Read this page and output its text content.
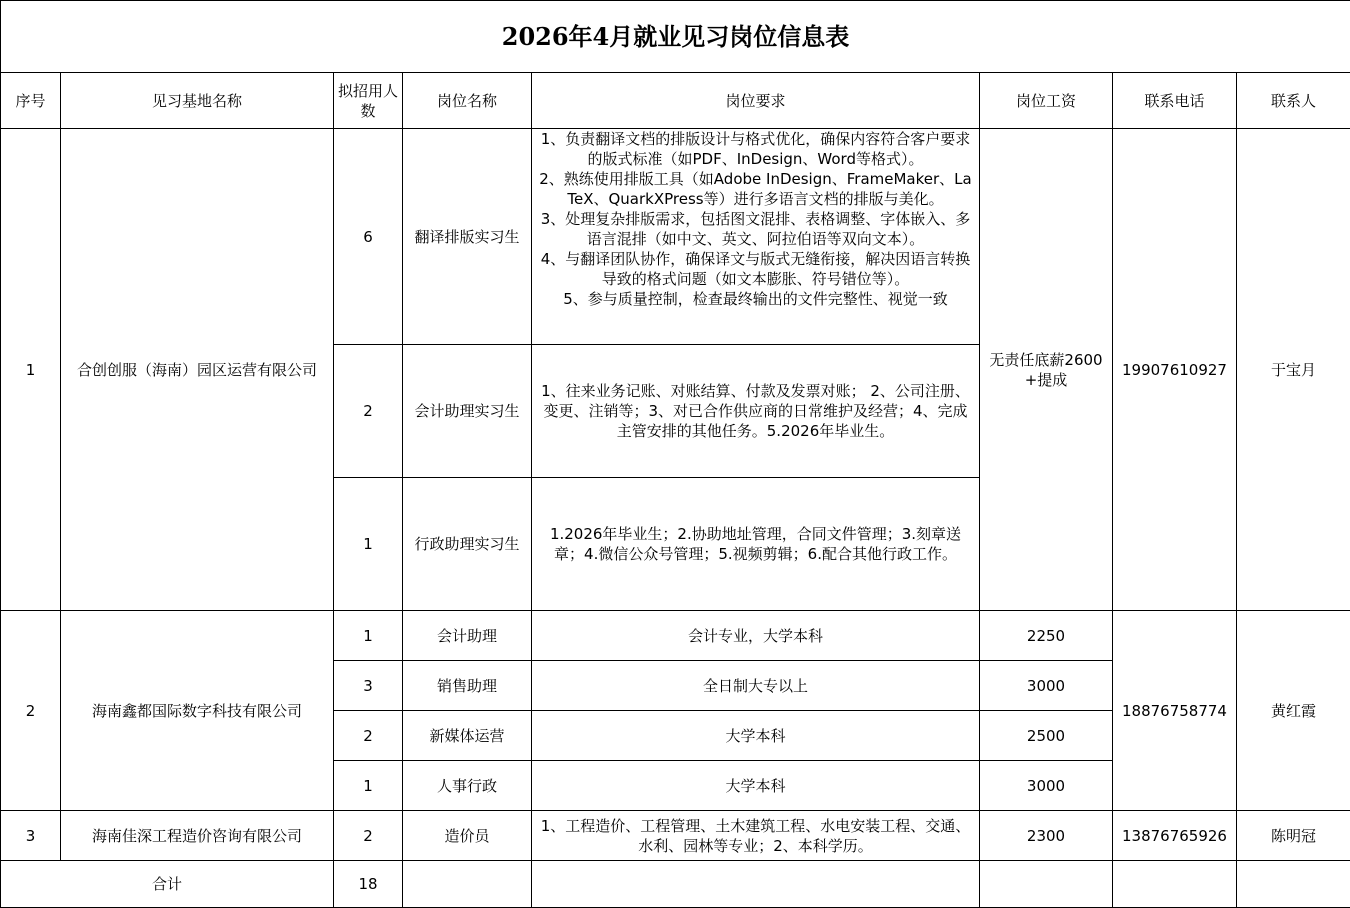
2026年4月就业见习岗位信息表							
序号	见习基地名称	拟招用人数	岗位名称	岗位要求	岗位工资	联系电话	联系人
1	合创创服（海南）园区运营有限公司	6	翻译排版实习生	1、负责翻译文档的排版设计与格式优化，确保内容符合客户要求的版式标准（如PDF、InDesign、Word等格式）。
2、熟练使用排版工具（如Adobe InDesign、FrameMaker、LaTeX、QuarkXPress等）进行多语言文档的排版与美化。
3、处理复杂排版需求，包括图文混排、表格调整、字体嵌入、多语言混排（如中文、英文、阿拉伯语等双向文本）。
4、与翻译团队协作，确保译文与版式无缝衔接，解决因语言转换导致的格式问题（如文本膨胀、符号错位等）。
5、参与质量控制，检查最终输出的文件完整性、视觉一致	无责任底薪2600+提成	19907610927	于宝月
		2	会计助理实习生	1、往来业务记账、对账结算、付款及发票对账； 2、公司注册、变更、注销等；3、对已合作供应商的日常维护及经营；4、完成主管安排的其他任务。5.2026年毕业生。			
		1	行政助理实习生	1.2026年毕业生；2.协助地址管理，合同文件管理；3.刻章送章；4.微信公众号管理；5.视频剪辑；6.配合其他行政工作。			
2	海南鑫都国际数字科技有限公司	1	会计助理	会计专业，大学本科	2250	18876758774	黄红霞
		3	销售助理	全日制大专以上	3000		
		2	新媒体运营	大学本科	2500		
		1	人事行政	大学本科	3000		
3	海南佳深工程造价咨询有限公司	2	造价员	1、工程造价、工程管理、土木建筑工程、水电安装工程、交通、水利、园林等专业；2、本科学历。	2300	13876765926	陈明冠
合计		18					
